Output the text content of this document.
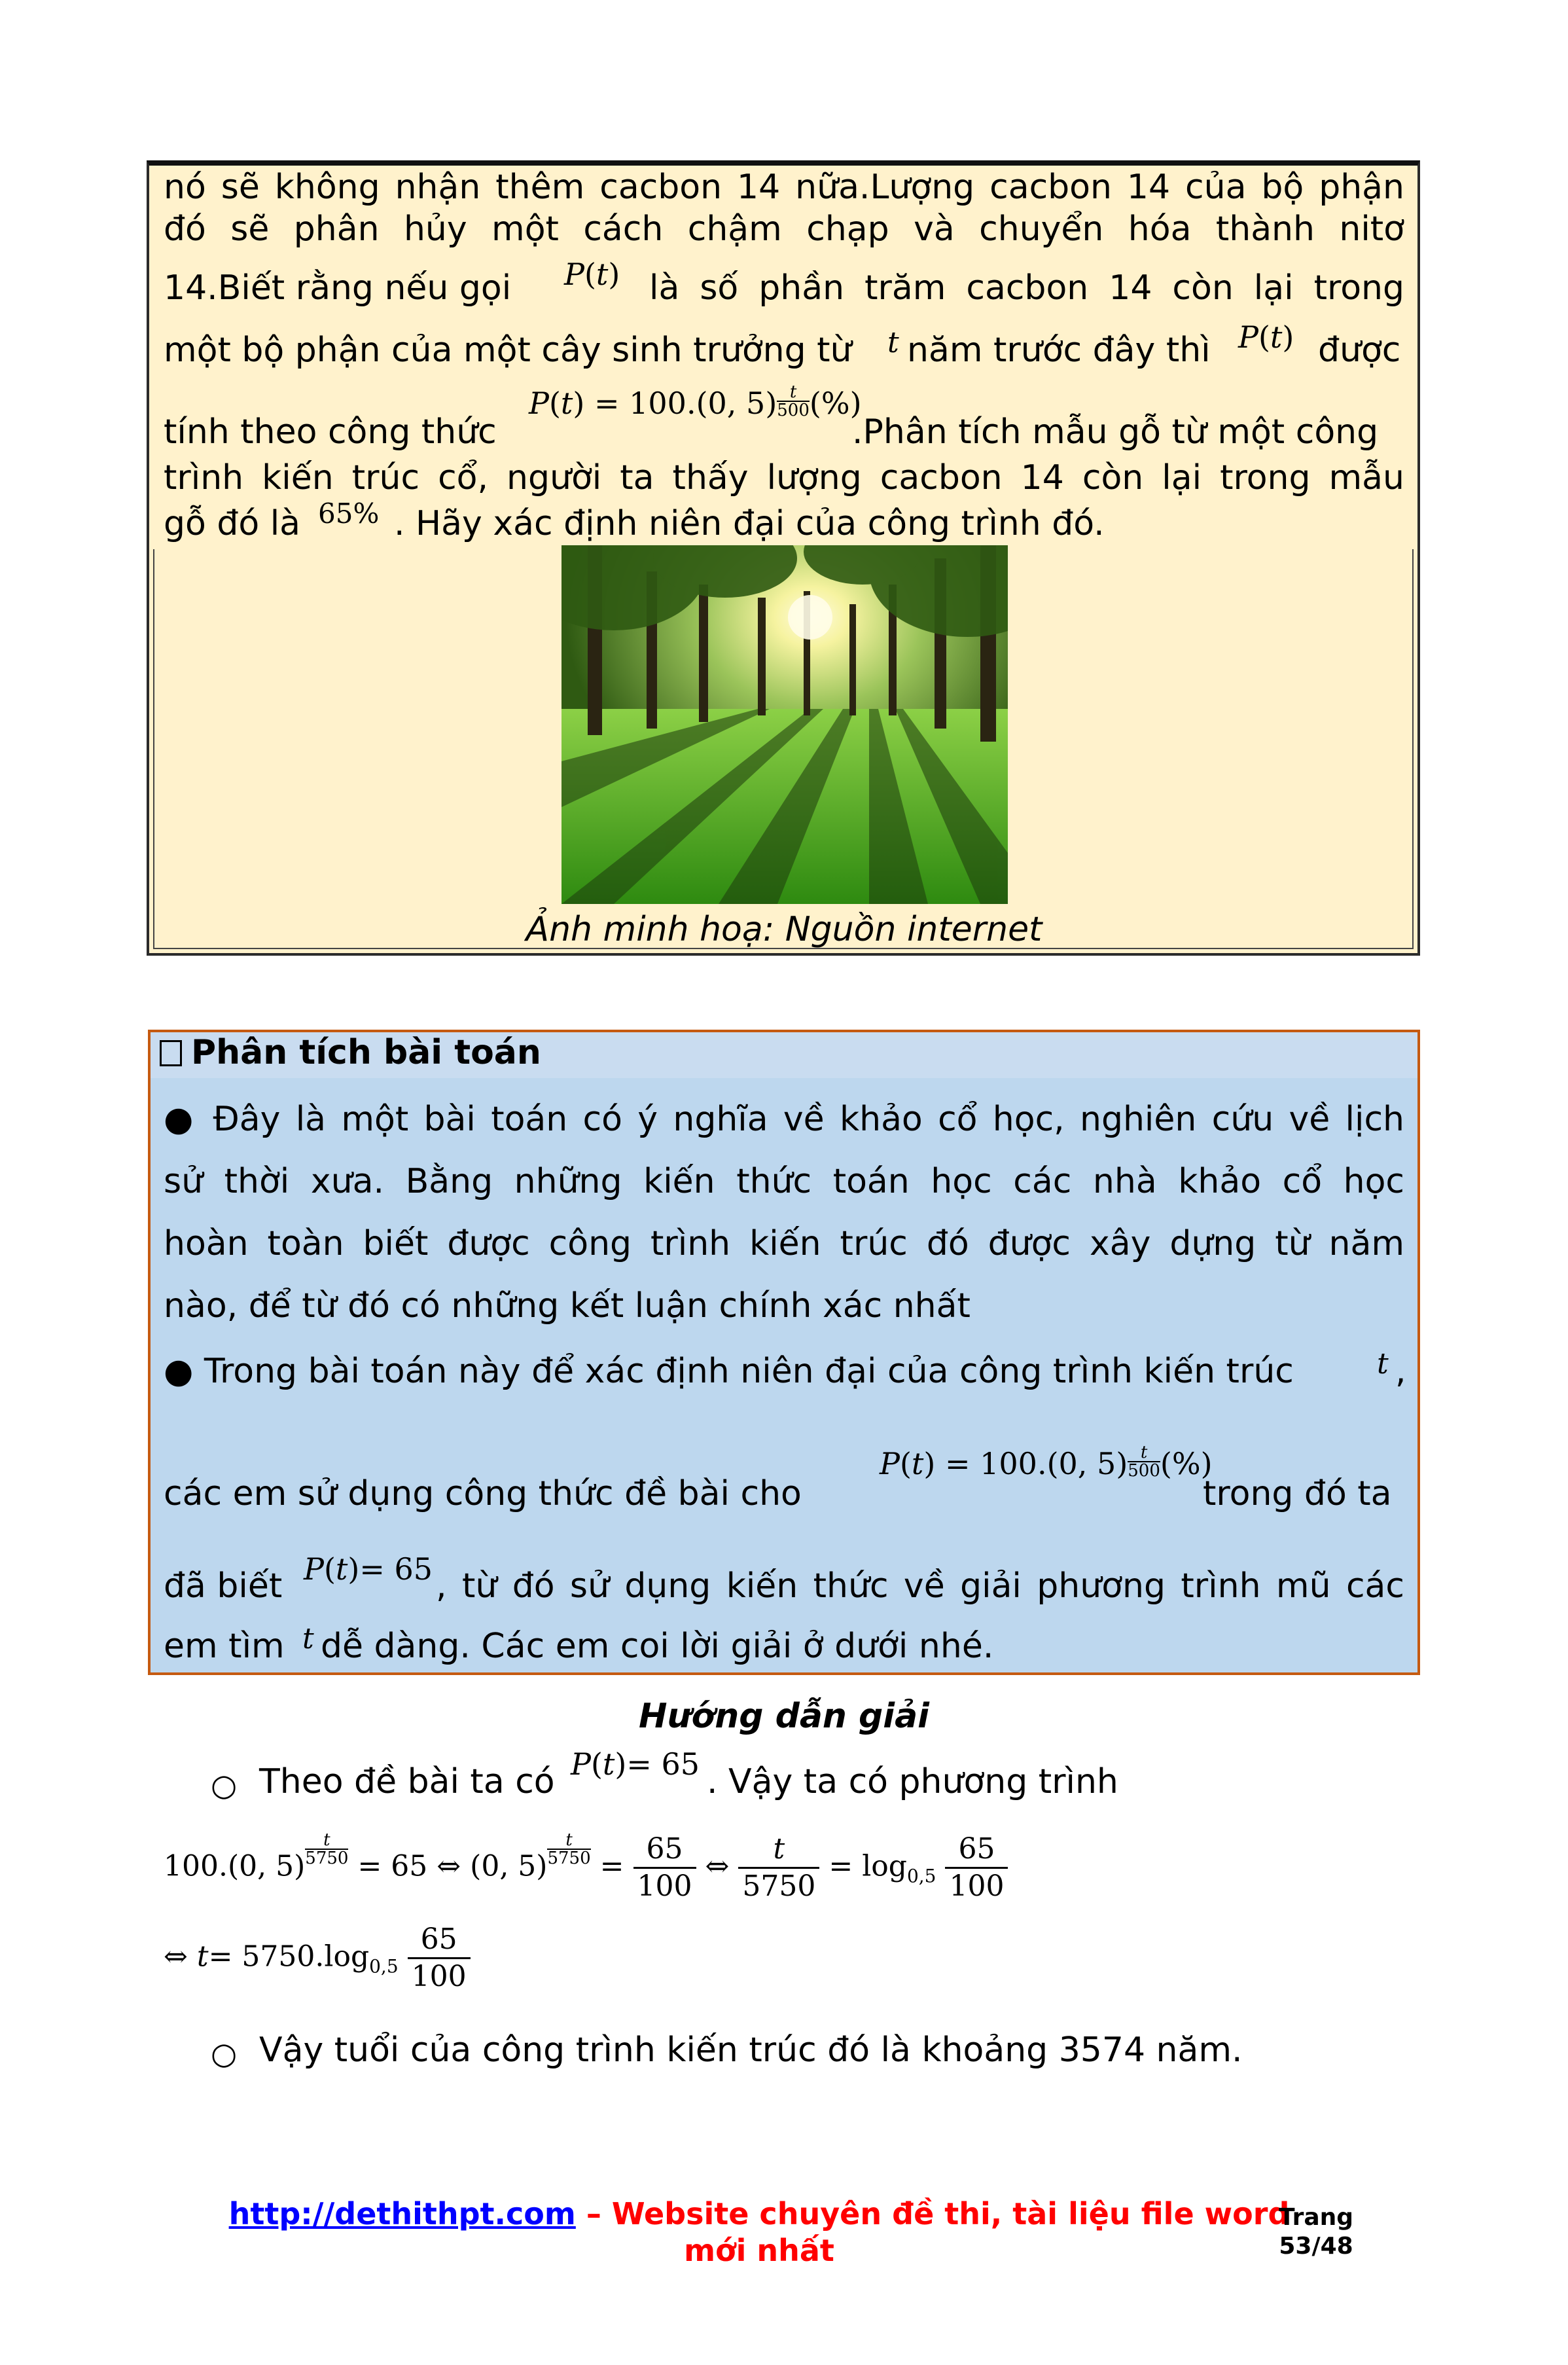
nó sẽ không nhận thêm cacbon 14 nữa.Lượng cacbon 14 của bộ phận
đó sẽ phân hủy một cách chậm chạp và chuyển hóa thành nitơ
14.Biết rằng nếu gọi P(t) là số phần trăm cacbon 14 còn lại trong
một bộ phận của một cây sinh trưởng từ t năm trước đây thì P(t) được
tính theo công thức
P(t) = 100.(0, $5) \frac{t}{500}$ (%)
.Phân tích mẫu gỗ từ một công
trình kiến trúc cổ, người ta thấy lượng cacbon 14 còn lại trong mẫu
gỗ đó là 65% . Hãy xác định niên đại của công trình đó.
Ảnh minh hoạ: Nguồn internet
Phân tích bài toán
● Đây là một bài toán có ý nghĩa về khảo cổ học, nghiên cứu về lịch
sử thời xưa. Bằng những kiến thức toán học các nhà khảo cổ học
hoàn toàn biết được công trình kiến trúc đó được xây dựng từ năm
nào, để từ đó có những kết luận chính xác nhất
● Trong bài toán này để xác định niên đại của công trình kiến trúc	t ,
các em sử dụng công thức đề bài cho
P(t) = 100.(0, $5) \frac{t}{500}$ (%)
trong đó ta
đã biết P(t)= 65 , từ đó sử dụng kiến thức về giải phương trình mũ các
em tìm t dễ dàng. Các em coi lời giải ở dưới nhé.
Hướng dẫn giải
○ Theo đề bài ta có P(t)= 65 . Vậy ta có phương trình
100.(0, $5) \frac{t}{5750} = 65$ ⇔ (0, $5) \frac{t}{5750} = \frac{65}{100}$ ⇔ $\frac{t}{5750} = \log_{0,5} \frac{65}{100}$
⇔ $t= 5750.\log_{0,5} \frac{65}{100}$
○ Vậy tuổi của công trình kiến trúc đó là khoảng 3574 năm.
http://dethithpt.com – Website chuyên đề thi, tài liệu file word mới nhất
Trang
53/48
